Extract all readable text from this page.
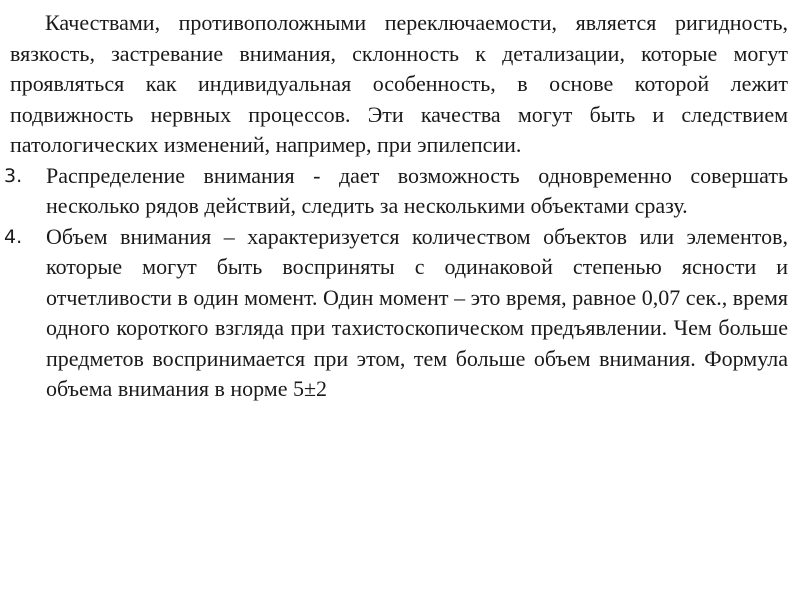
Качествами, противоположными переключаемости, является ригидность, вязкость, застревание внимания, склонность к детализации, которые могут проявляться как индивидуальная особенность, в основе которой лежит подвижность нервных процессов. Эти качества могут быть и следствием патологических изменений, например, при эпилепсии.

3. Распределение внимания - дает возможность одновременно совершать несколько рядов действий, следить за несколькими объектами сразу.
4. Объем внимания – характеризуется количеством объектов или элементов, которые могут быть восприняты с одинаковой степенью ясности и отчетливости в один момент. Один момент – это время, равное 0,07 сек., время одного короткого взгляда при тахистоскопическом предъявлении. Чем больше предметов воспринимается при этом, тем больше объем внимания. Формула объема внимания в норме 5±2
